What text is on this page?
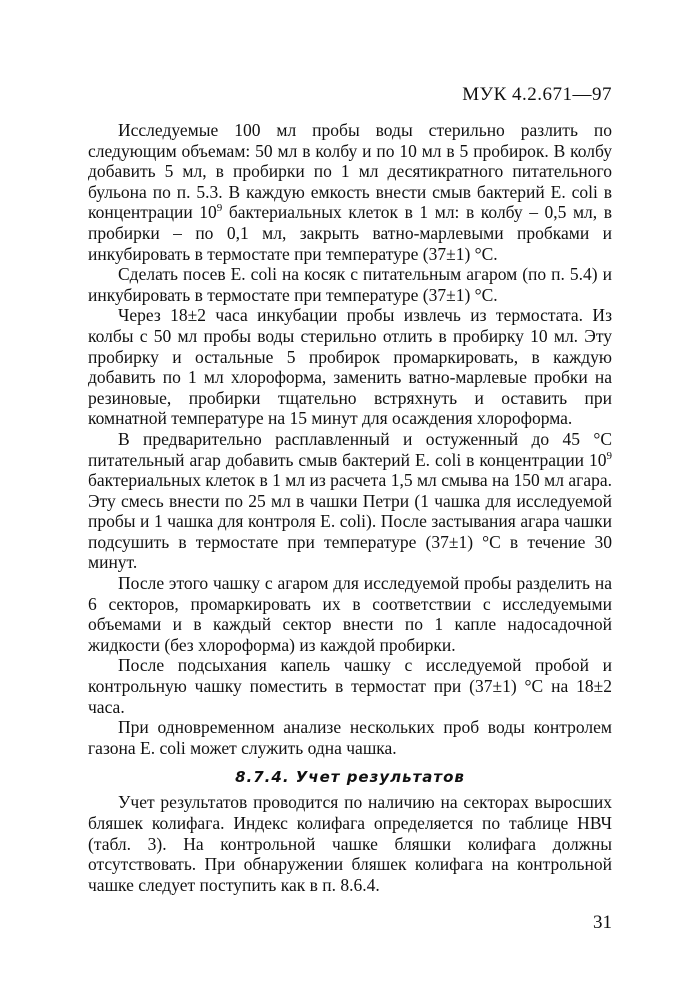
МУК 4.2.671—97

Исследуемые 100 мл пробы воды стерильно разлить по следующим объемам: 50 мл в колбу и по 10 мл в 5 пробирок. В колбу добавить 5 мл, в пробирки по 1 мл десятикратного питательного бульона по п. 5.3. В каждую емкость внести смыв бактерий E. coli в концентрации $10^9$ бактериальных клеток в 1 мл: в колбу – 0,5 мл, в пробирки – по 0,1 мл, закрыть ватно-марлевыми пробками и инкубировать в термостате при температуре (37±1) °С.

Сделать посев E. coli на косяк с питательным агаром (по п. 5.4) и инкубировать в термостате при температуре (37±1) °С.

Через 18±2 часа инкубации пробы извлечь из термостата. Из колбы с 50 мл пробы воды стерильно отлить в пробирку 10 мл. Эту пробирку и остальные 5 пробирок промаркировать, в каждую добавить по 1 мл хлороформа, заменить ватно-марлевые пробки на резиновые, пробирки тщательно встряхнуть и оставить при комнатной температуре на 15 минут для осаждения хлороформа.

В предварительно расплавленный и остуженный до 45 °С питательный агар добавить смыв бактерий E. coli в концентрации $10^9$ бактериальных клеток в 1 мл из расчета 1,5 мл смыва на 150 мл агара. Эту смесь внести по 25 мл в чашки Петри (1 чашка для исследуемой пробы и 1 чашка для контроля E. coli). После застывания агара чашки подсушить в термостате при температуре (37±1) °С в течение 30 минут.

После этого чашку с агаром для исследуемой пробы разделить на 6 секторов, промаркировать их в соответствии с исследуемыми объемами и в каждый сектор внести по 1 капле надосадочной жидкости (без хлороформа) из каждой пробирки.

После подсыхания капель чашку с исследуемой пробой и контрольную чашку поместить в термостат при (37±1) °С на 18±2 часа.

При одновременном анализе нескольких проб воды контролем газона E. coli может служить одна чашка.

8.7.4. Учет результатов

Учет результатов проводится по наличию на секторах выросших бляшек колифага. Индекс колифага определяется по таблице НВЧ (табл. 3). На контрольной чашке бляшки колифага должны отсутствовать. При обнаружении бляшек колифага на контрольной чашке следует поступить как в п. 8.6.4.

31
